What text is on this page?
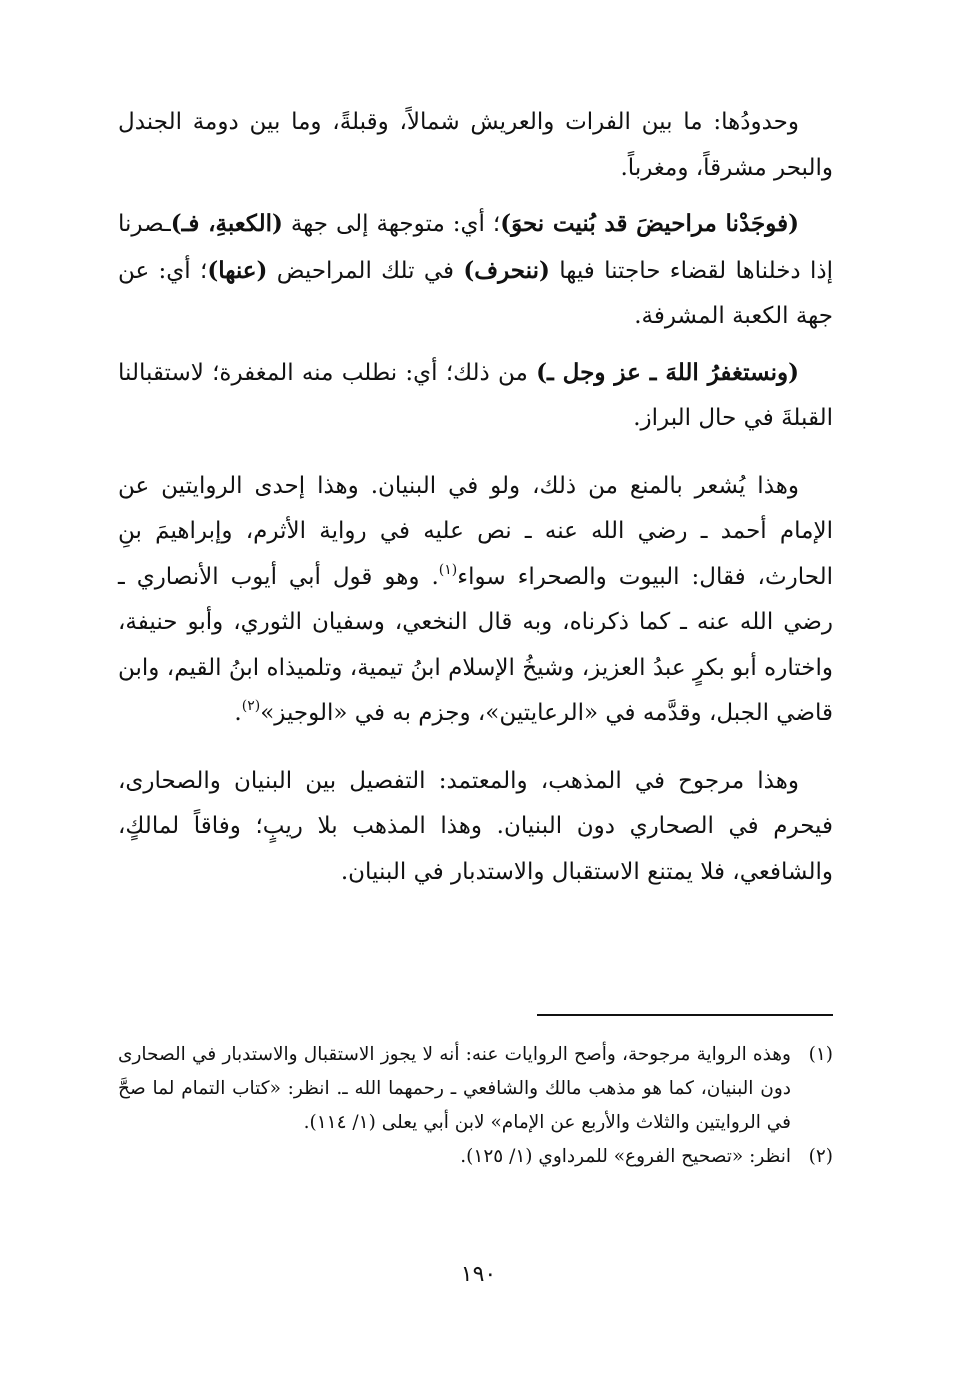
وحدودُها: ما بين الفرات والعريش شمالاً، وقبلةً، وما بين دومة الجندل والبحر مشرقاً، ومغرباً.

(فوجَدْنا مراحيضَ قد بُنيت نحوَ)؛ أي: متوجهة إلى جهة (الكعبةِ، فـ)ـصرنا إذا دخلناها لقضاء حاجتنا فيها (ننحرف) في تلك المراحيض (عنها)؛ أي: عن جهة الكعبة المشرفة.

(ونستغفرُ اللهَ ـ عز وجل ـ) من ذلك؛ أي: نطلب منه المغفرة؛ لاستقبالنا القبلةَ في حال البراز.

وهذا يُشعر بالمنع من ذلك، ولو في البنيان. وهذا إحدى الروايتين عن الإمام أحمد ـ رضي الله عنه ـ نص عليه في رواية الأثرم، وإبراهيمَ بنِ الحارث، فقال: البيوت والصحراء سواء$^{(١)}$. وهو قول أبي أيوب الأنصاري ـ رضي الله عنه ـ كما ذكرناه، وبه قال النخعي، وسفيان الثوري، وأبو حنيفة، واختاره أبو بكرٍ عبدُ العزيز، وشيخُ الإسلام ابنُ تيمية، وتلميذاه ابنُ القيم، وابن قاضي الجبل، وقدَّمه في «الرعايتين»، وجزم به في «الوجيز»$^{(٢)}$.

وهذا مرجوح في المذهب، والمعتمد: التفصيل بين البنيان والصحارى، فيحرم في الصحاري دون البنيان. وهذا المذهب بلا ريبٍ؛ وفاقاً لمالكٍ، والشافعي، فلا يمتنع الاستقبال والاستدبار في البنيان.

(١)
وهذه الرواية مرجوحة، وأصح الروايات عنه: أنه لا يجوز الاستقبال والاستدبار في الصحارى دون البنيان، كما هو مذهب مالك والشافعي ـ رحمهما الله ـ. انظر: «كتاب التمام لما صحَّ في الروايتين والثلاث والأربع عن الإمام» لابن أبي يعلى (١/ ١١٤).
(٢)
انظر: «تصحيح الفروع» للمرداوي (١/ ١٢٥).
١٩٠
